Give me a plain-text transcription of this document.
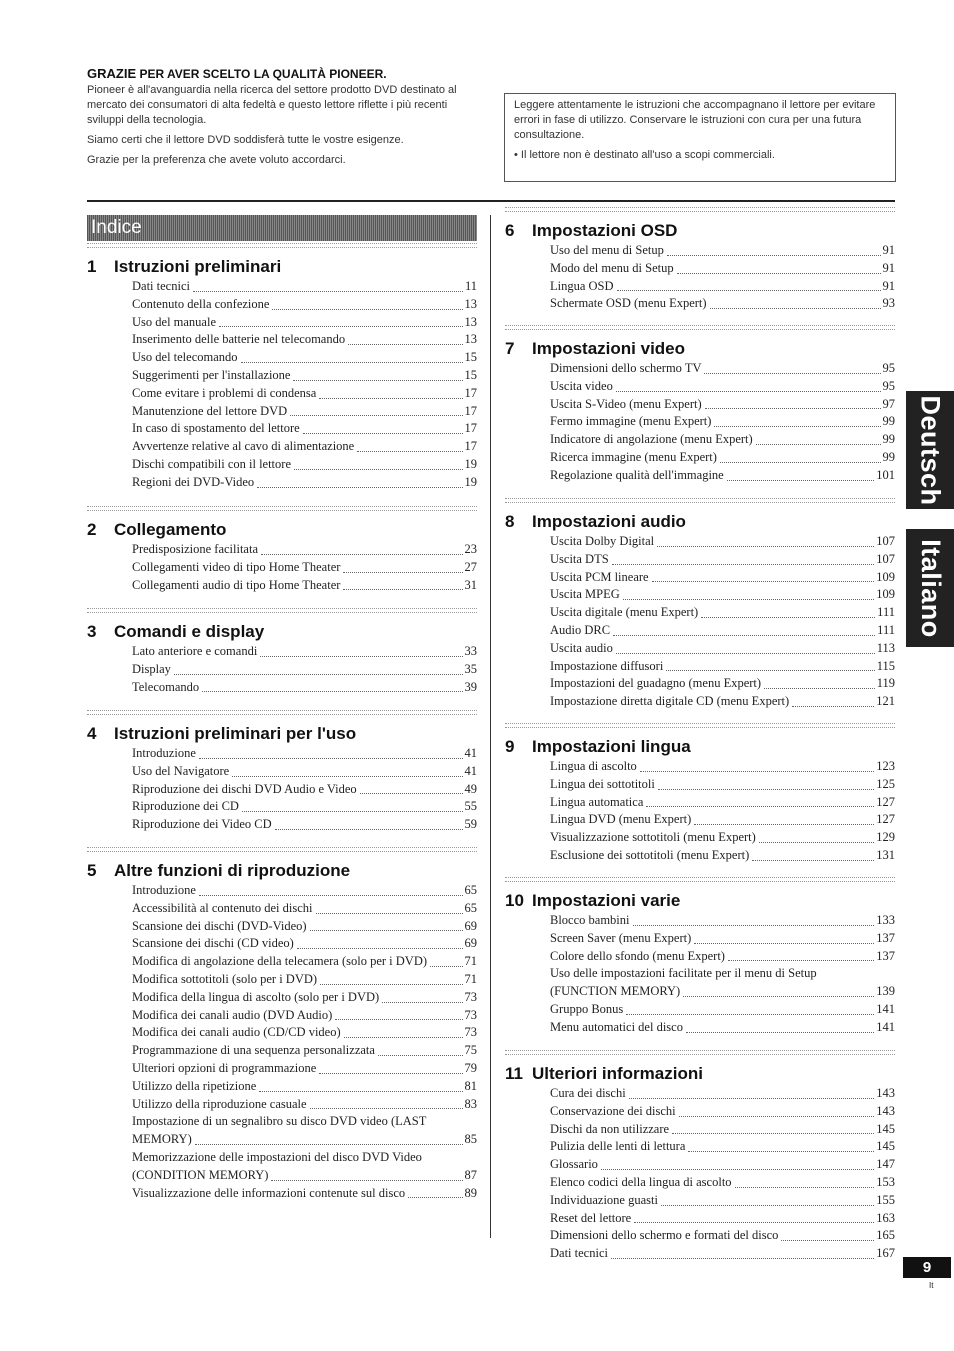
GRAZIE PER AVER SCELTO LA QUALITÀ PIONEER.

Pioneer è all'avanguardia nella ricerca del settore prodotto DVD destinato al mercato dei consumatori di alta fedeltà e questo lettore riflette i più recenti sviluppi della tecnologia.

Siamo certi che il lettore DVD soddisferà tutte le vostre esigenze.

Grazie per la preferenza che avete voluto accordarci.

Leggere attentamente le istruzioni che accompagnano il lettore per evitare errori in fase di utilizzo. Conservare le istruzioni con cura per una futura consultazione.
• Il lettore non è destinato all'uso a scopi commerciali.
Indice
1 Istruzioni preliminari
Dati tecnici	11
Contenuto della confezione	13
Uso del manuale	13
Inserimento delle batterie nel telecomando	13
Uso del telecomando	15
Suggerimenti per l'installazione	15
Come evitare i problemi di condensa	17
Manutenzione del lettore DVD	17
In caso di spostamento del lettore	17
Avvertenze relative al cavo di alimentazione	17
Dischi compatibili con il lettore	19
Regioni dei DVD-Video	19
2 Collegamento
Predisposizione facilitata	23
Collegamenti video di tipo Home Theater	27
Collegamenti audio di tipo Home Theater	31
3 Comandi e display
Lato anteriore e comandi	33
Display	35
Telecomando	39
4 Istruzioni preliminari per l'uso
Introduzione	41
Uso del Navigatore	41
Riproduzione dei dischi DVD Audio e Video	49
Riproduzione dei CD	55
Riproduzione dei Video CD	59
5 Altre funzioni di riproduzione
Introduzione	65
Accessibilità al contenuto dei dischi	65
Scansione dei dischi (DVD-Video)	69
Scansione dei dischi (CD video)	69
Modifica di angolazione della telecamera (solo per i DVD)	71
Modifica sottotitoli (solo per i DVD)	71
Modifica della lingua di ascolto (solo per i DVD)	73
Modifica dei canali audio (DVD Audio)	73
Modifica dei canali audio (CD/CD video)	73
Programmazione di una sequenza personalizzata	75
Ulteriori opzioni di programmazione	79
Utilizzo della ripetizione	81
Utilizzo della riproduzione casuale	83
Impostazione di un segnalibro su disco DVD video (LAST
MEMORY)	85
Memorizzazione delle impostazioni del disco DVD Video
(CONDITION MEMORY)	87
Visualizzazione delle informazioni contenute sul disco	89
6 Impostazioni OSD
Uso del menu di Setup	91
Modo del menu di Setup	91
Lingua OSD	91
Schermate OSD (menu Expert)	93
7 Impostazioni video
Dimensioni dello schermo TV	95
Uscita video	95
Uscita S-Video (menu Expert)	97
Fermo immagine (menu Expert)	99
Indicatore di angolazione (menu Expert)	99
Ricerca immagine (menu Expert)	99
Regolazione qualità dell'immagine	101
8 Impostazioni audio
Uscita Dolby Digital	107
Uscita DTS	107
Uscita PCM lineare	109
Uscita MPEG	109
Uscita digitale (menu Expert)	111
Audio DRC	111
Uscita audio	113
Impostazione diffusori	115
Impostazioni del guadagno (menu Expert)	119
Impostazione diretta digitale CD (menu Expert)	121
9 Impostazioni lingua
Lingua di ascolto	123
Lingua dei sottotitoli	125
Lingua automatica	127
Lingua DVD (menu Expert)	127
Visualizzazione sottotitoli (menu Expert)	129
Esclusione dei sottotitoli (menu Expert)	131
10 Impostazioni varie
Blocco bambini	133
Screen Saver (menu Expert)	137
Colore dello sfondo (menu Expert)	137
Uso delle impostazioni facilitate per il menu di Setup
(FUNCTION MEMORY)	139
Gruppo Bonus	141
Menu automatici del disco	141
11 Ulteriori informazioni
Cura dei dischi	143
Conservazione dei dischi	143
Dischi da non utilizzare	145
Pulizia delle lenti di lettura	145
Glossario	147
Elenco codici della lingua di ascolto	153
Individuazione guasti	155
Reset del lettore	163
Dimensioni dello schermo e formati del disco	165
Dati tecnici	167
Deutsch
Italiano
9
It
